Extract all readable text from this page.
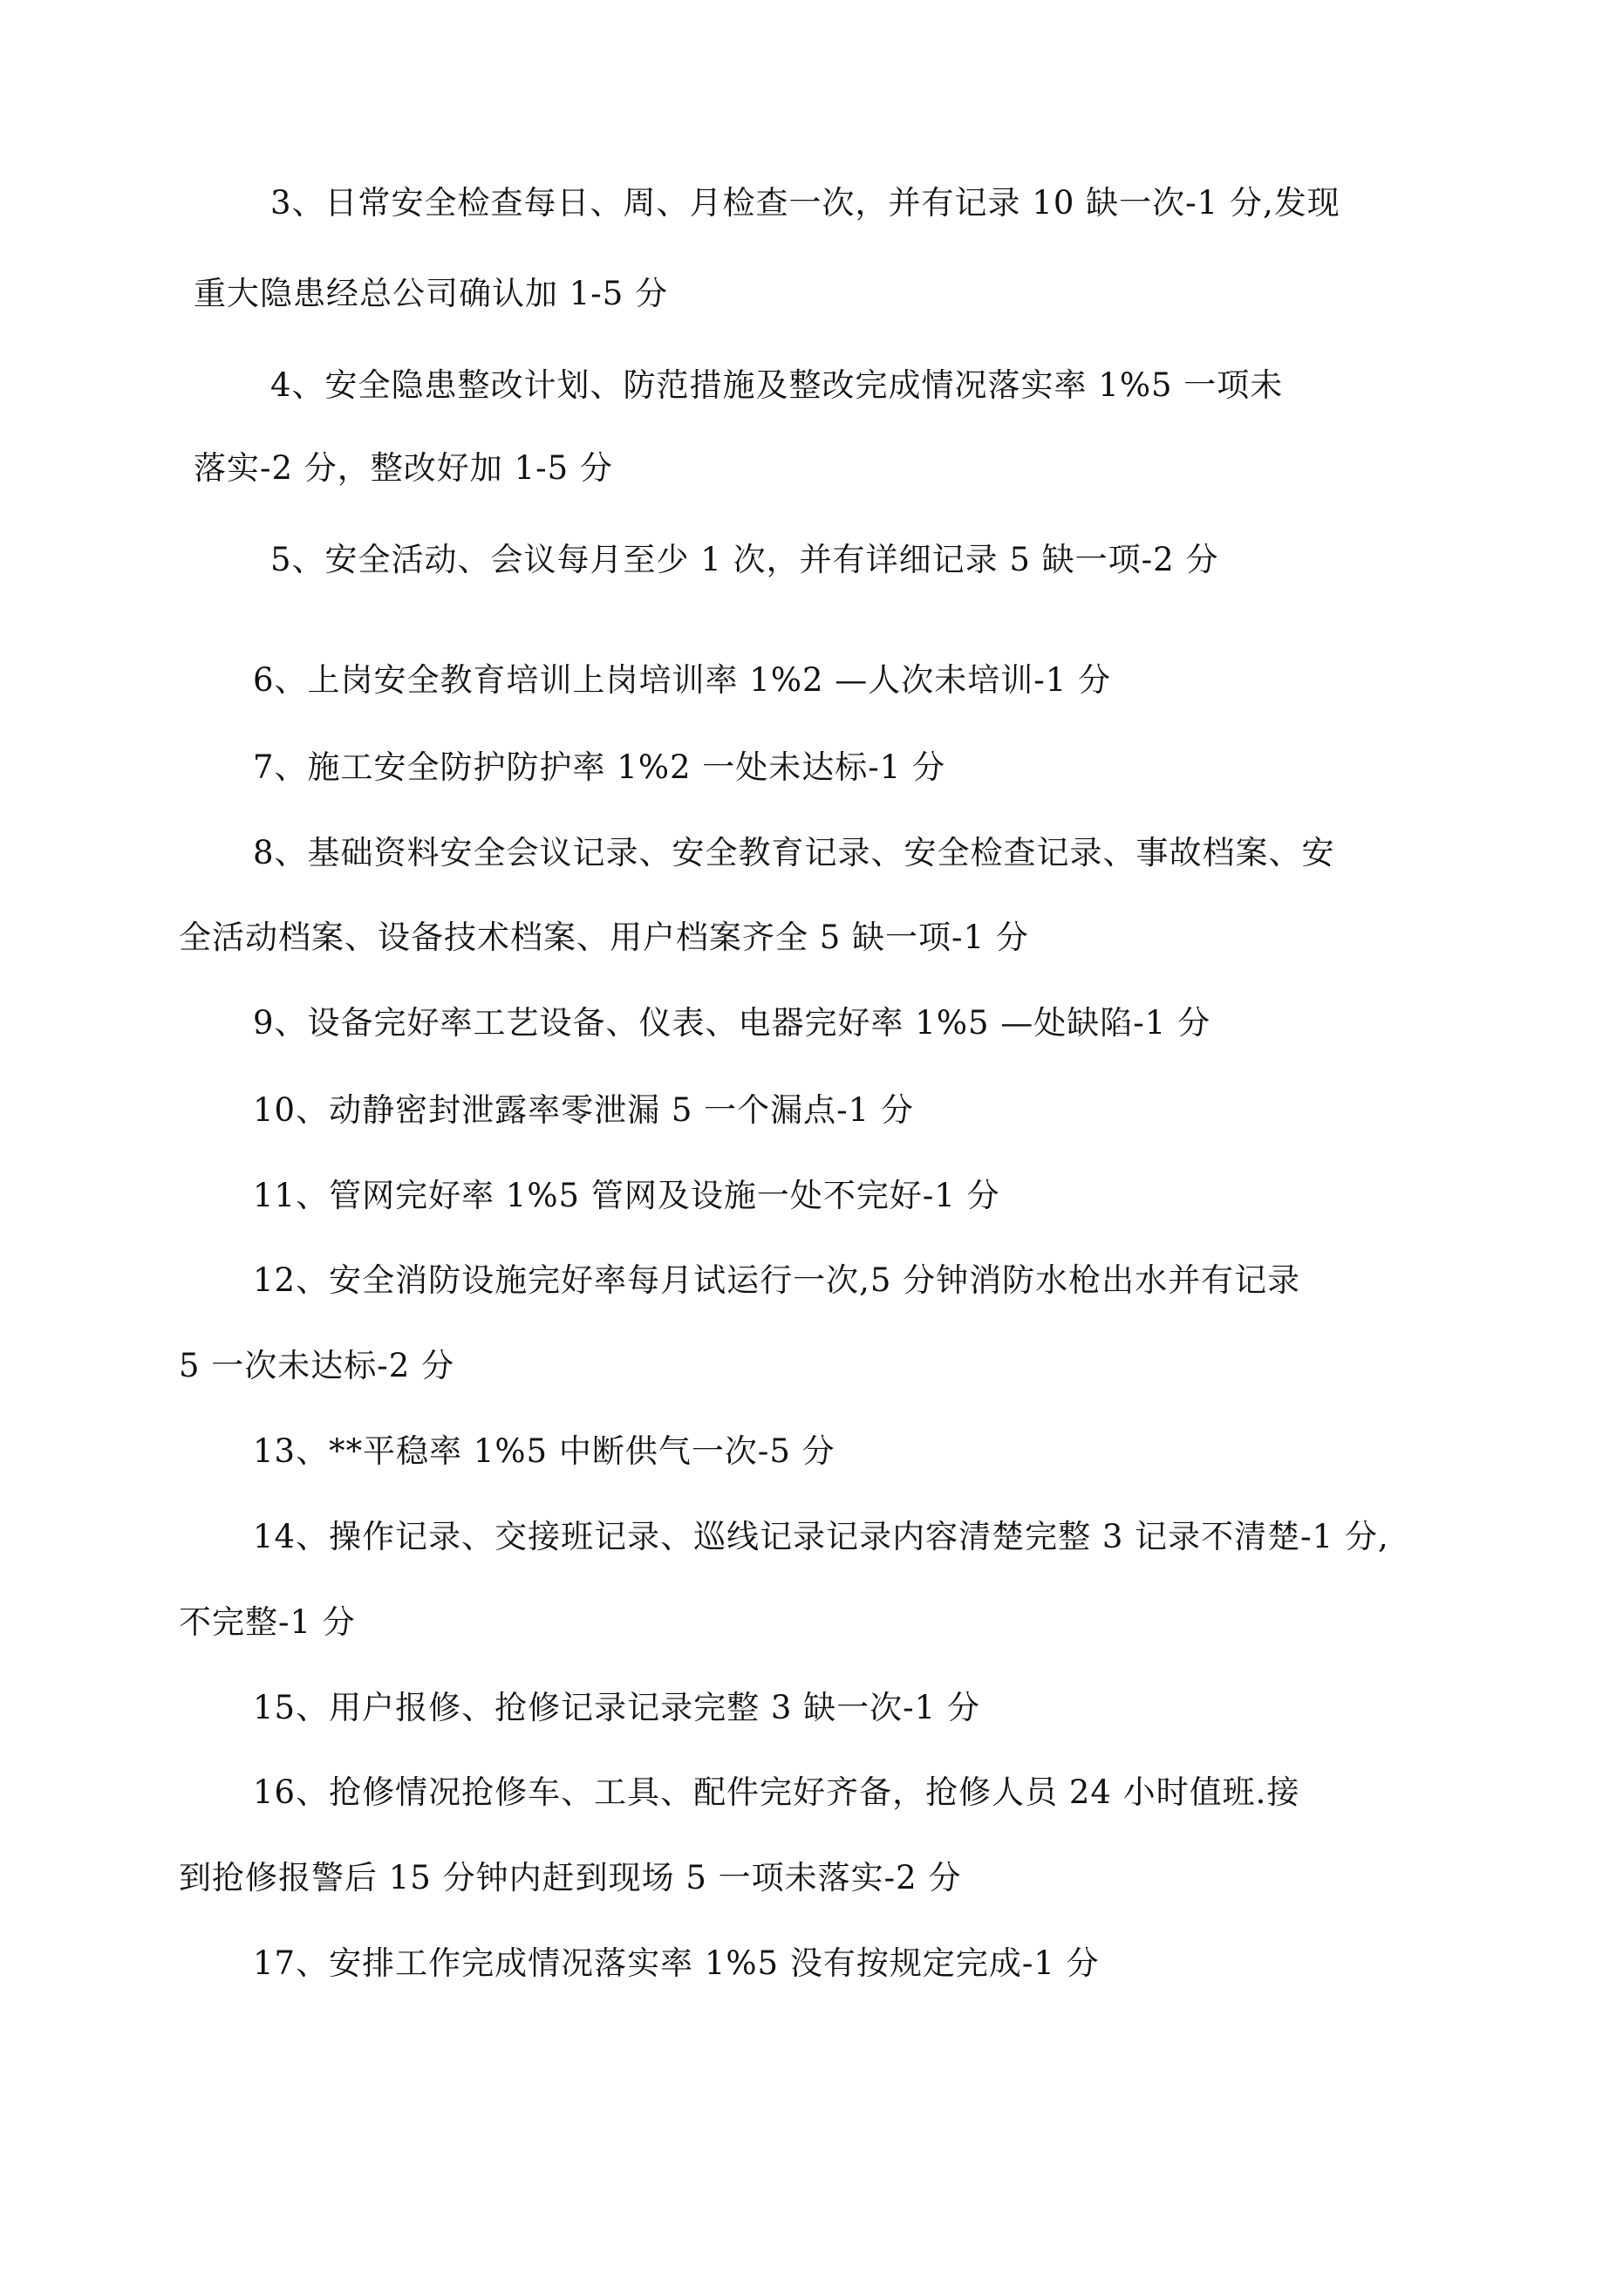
3、日常安全检查每日、周、月检查一次，并有记录 10 缺一次-1 分,发现
重大隐患经总公司确认加 1-5 分
4、安全隐患整改计划、防范措施及整改完成情况落实率 1%5 一项未
落实-2 分，整改好加 1-5 分
5、安全活动、会议每月至少 1 次，并有详细记录 5 缺一项-2 分
6、上岗安全教育培训上岗培训率 1%2 —人次未培训-1 分
7、施工安全防护防护率 1%2 一处未达标-1 分
8、基础资料安全会议记录、安全教育记录、安全检查记录、事故档案、安
全活动档案、设备技术档案、用户档案齐全 5 缺一项-1 分
9、设备完好率工艺设备、仪表、电器完好率 1%5 —处缺陷-1 分
10、动静密封泄露率零泄漏 5 一个漏点-1 分
11、管网完好率 1%5 管网及设施一处不完好-1 分
12、安全消防设施完好率每月试运行一次,5 分钟消防水枪出水并有记录
5 一次未达标-2 分
13、**平稳率 1%5 中断供气一次-5 分
14、操作记录、交接班记录、巡线记录记录内容清楚完整 3 记录不清楚-1 分,
不完整-1 分
15、用户报修、抢修记录记录完整 3 缺一次-1 分
16、抢修情况抢修车、工具、配件完好齐备，抢修人员 24 小时值班.接
到抢修报警后 15 分钟内赶到现场 5 一项未落实-2 分
17、安排工作完成情况落实率 1%5 没有按规定完成-1 分
